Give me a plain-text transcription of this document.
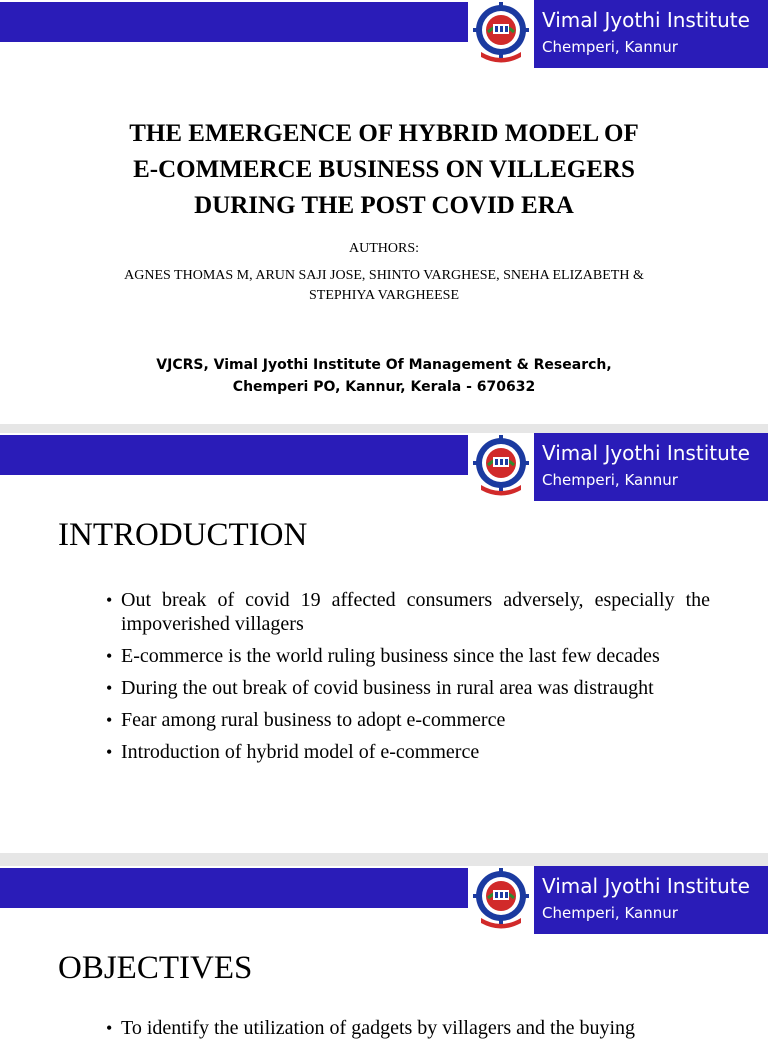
Vimal Jyothi Institute
Chemperi, Kannur
THE EMERGENCE OF HYBRID MODEL OF
E-COMMERCE BUSINESS ON VILLEGERS
DURING THE POST COVID ERA
AUTHORS:
AGNES THOMAS M, ARUN SAJI JOSE, SHINTO VARGHESE, SNEHA ELIZABETH &
STEPHIYA VARGHEESE
VJCRS, Vimal Jyothi Institute Of Management & Research,
Chemperi PO, Kannur, Kerala - 670632
Vimal Jyothi Institute
Chemperi, Kannur
INTRODUCTION
• Out break of covid 19 affected consumers adversely, especially the impoverished villagers
• E-commerce is the world ruling business since the last few decades
• During the out break of covid business in rural area was distraught
• Fear among rural business to adopt e-commerce
• Introduction of hybrid model of e-commerce
Vimal Jyothi Institute
Chemperi, Kannur
OBJECTIVES
• To identify the utilization of gadgets by villagers and the buying
